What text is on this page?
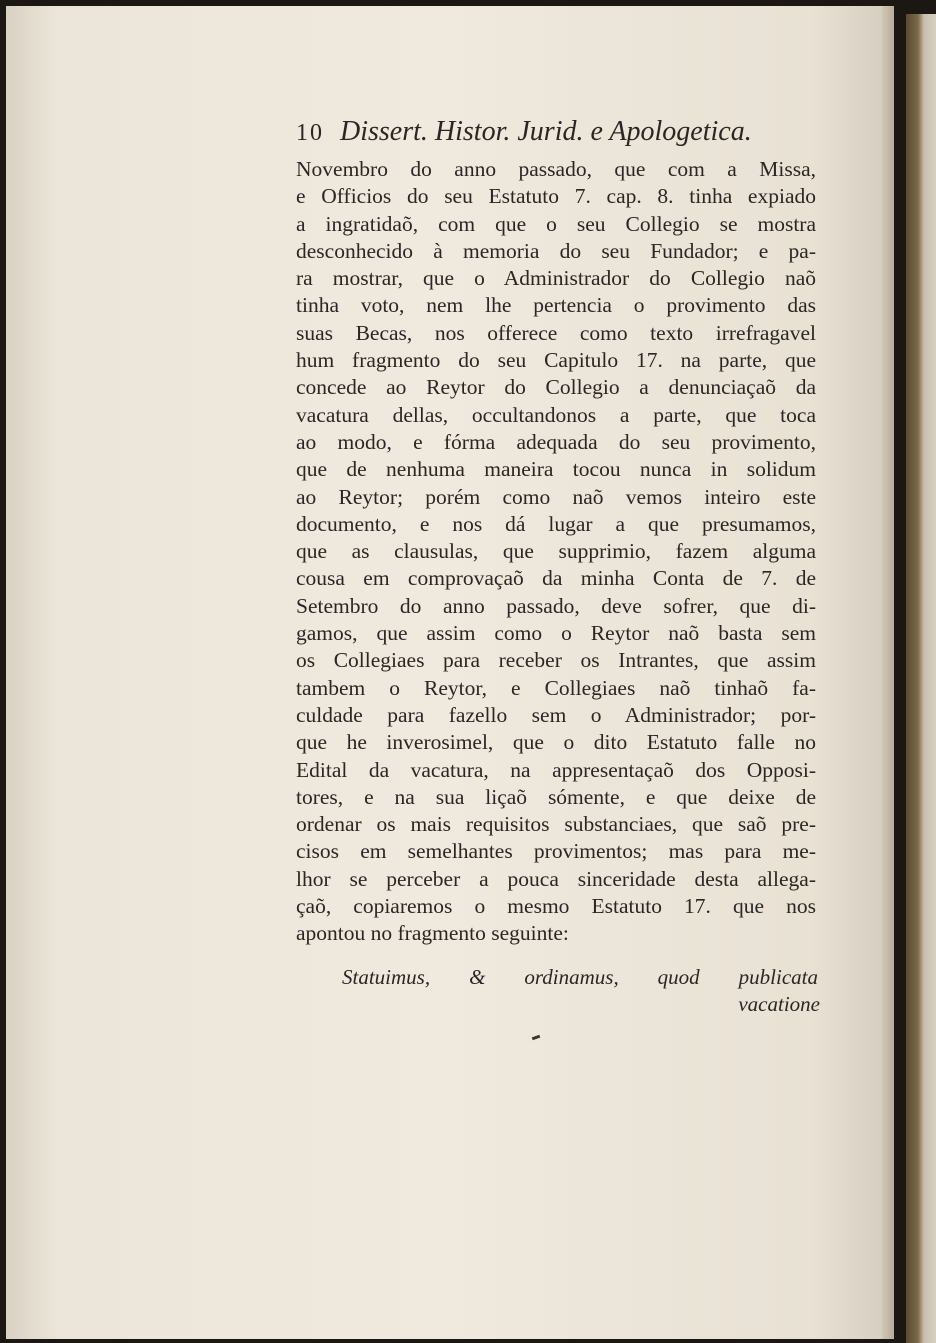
10 Dissert. Histor. Jurid. e Apologetica.
Novembro do anno passado, que com a Missa,
e Officios do seu Estatuto 7. cap. 8. tinha expiado
a ingratidaõ, com que o seu Collegio se mostra
desconhecido à memoria do seu Fundador; e pa-
ra mostrar, que o Administrador do Collegio naõ
tinha voto, nem lhe pertencia o provimento das
suas Becas, nos offerece como texto irrefragavel
hum fragmento do seu Capitulo 17. na parte, que
concede ao Reytor do Collegio a denunciaçaõ da
vacatura dellas, occultandonos a parte, que toca
ao modo, e fórma adequada do seu provimento,
que de nenhuma maneira tocou nunca in solidum
ao Reytor; porém como naõ vemos inteiro este
documento, e nos dá lugar a que presumamos,
que as clausulas, que supprimio, fazem alguma
cousa em comprovaçaõ da minha Conta de 7. de
Setembro do anno passado, deve sofrer, que di-
gamos, que assim como o Reytor naõ basta sem
os Collegiaes para receber os Intrantes, que assim
tambem o Reytor, e Collegiaes naõ tinhaõ fa-
culdade para fazello sem o Administrador; por-
que he inverosimel, que o dito Estatuto falle no
Edital da vacatura, na appresentaçaõ dos Opposi-
tores, e na sua liçaõ sómente, e que deixe de
ordenar os mais requisitos substanciaes, que saõ pre-
cisos em semelhantes provimentos; mas para me-
lhor se perceber a pouca sinceridade desta allega-
çaõ, copiaremos o mesmo Estatuto 17. que nos
apontou no fragmento seguinte:
Statuimus, & ordinamus, quod publicata
vacatione
